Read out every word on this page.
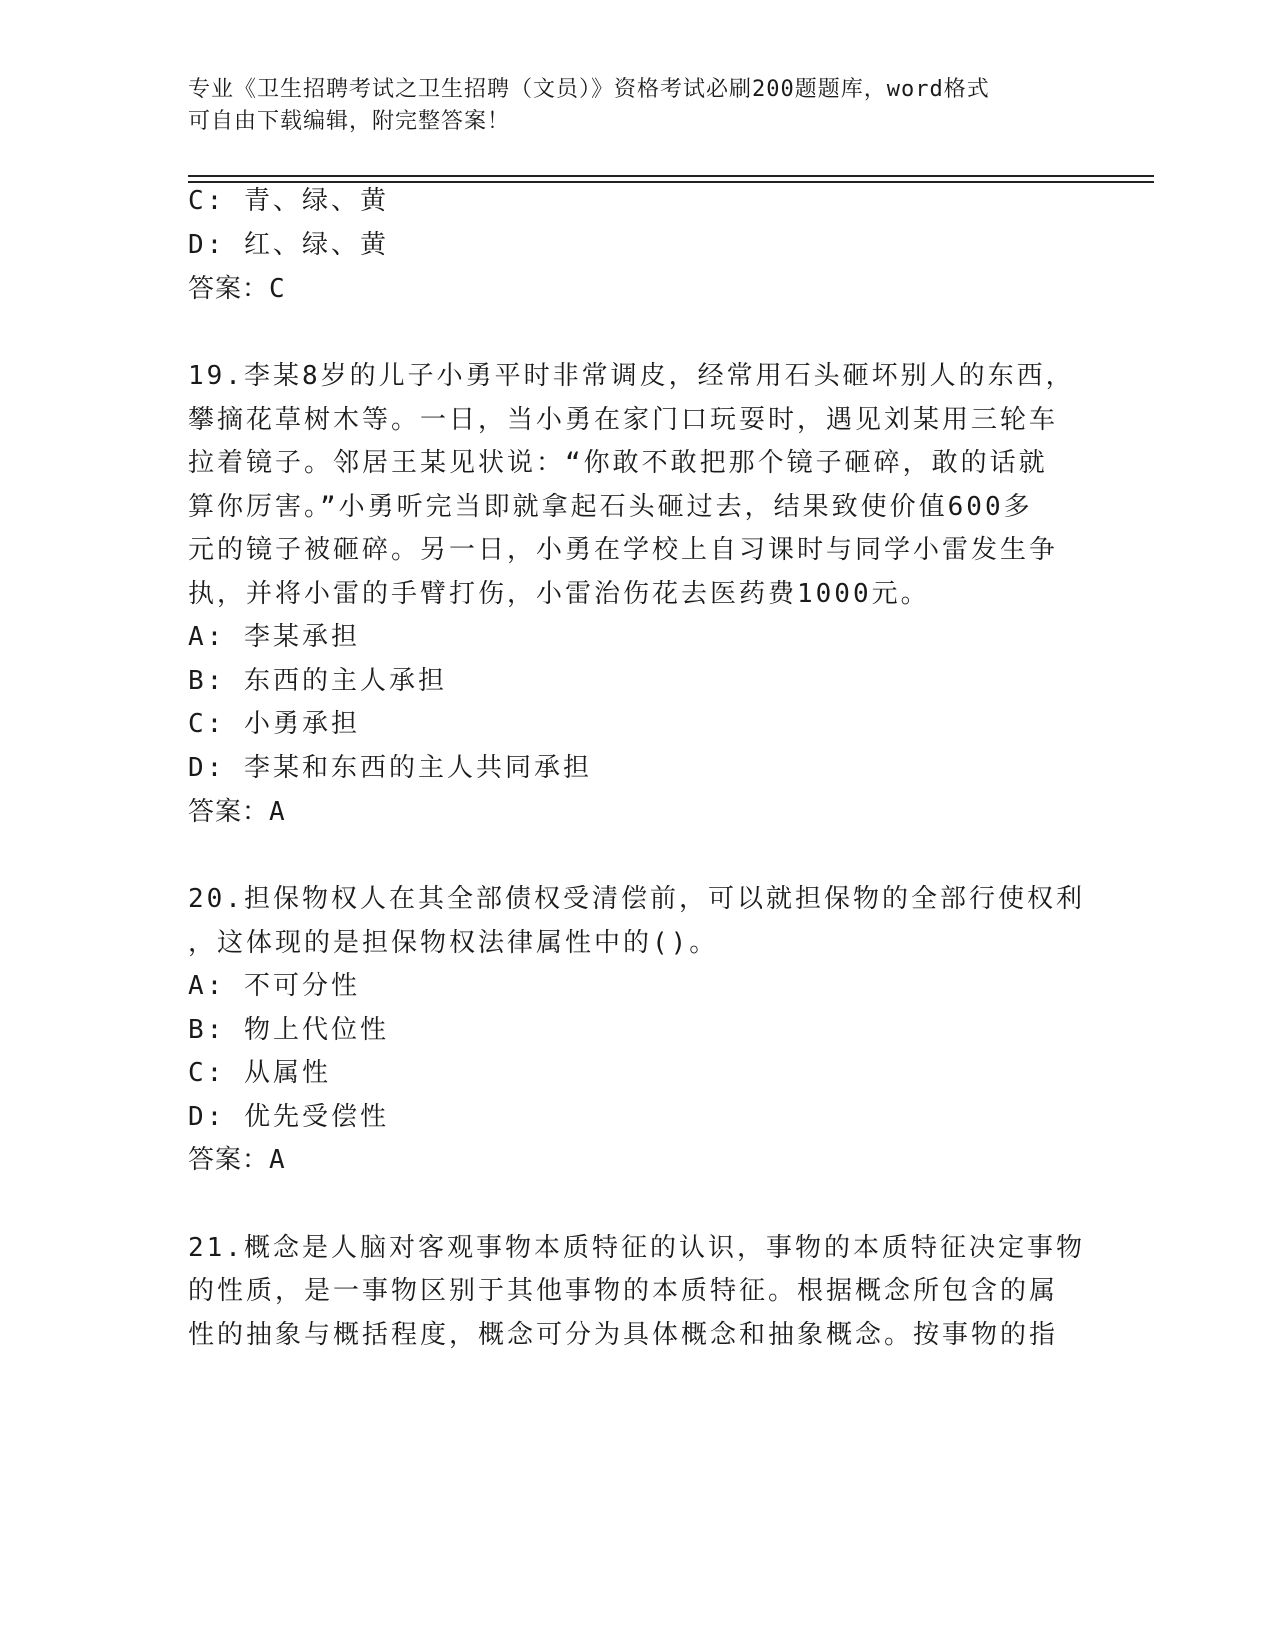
专业《卫生招聘考试之卫生招聘（文员）》资格考试必刷200题题库，word格式
可自由下载编辑，附完整答案！
C: 青、绿、黄
D: 红、绿、黄
答案：C
19.李某8岁的儿子小勇平时非常调皮，经常用石头砸坏别人的东西，
攀摘花草树木等。一日，当小勇在家门口玩耍时，遇见刘某用三轮车
拉着镜子。邻居王某见状说：“你敢不敢把那个镜子砸碎，敢的话就
算你厉害。”小勇听完当即就拿起石头砸过去，结果致使价值600多
元的镜子被砸碎。另一日，小勇在学校上自习课时与同学小雷发生争
执，并将小雷的手臂打伤，小雷治伤花去医药费1000元。
A: 李某承担
B: 东西的主人承担
C: 小勇承担
D: 李某和东西的主人共同承担
答案：A
20.担保物权人在其全部债权受清偿前，可以就担保物的全部行使权利
，这体现的是担保物权法律属性中的()。
A: 不可分性
B: 物上代位性
C: 从属性
D: 优先受偿性
答案：A
21.概念是人脑对客观事物本质特征的认识，事物的本质特征决定事物
的性质，是一事物区别于其他事物的本质特征。根据概念所包含的属
性的抽象与概括程度，概念可分为具体概念和抽象概念。按事物的指
